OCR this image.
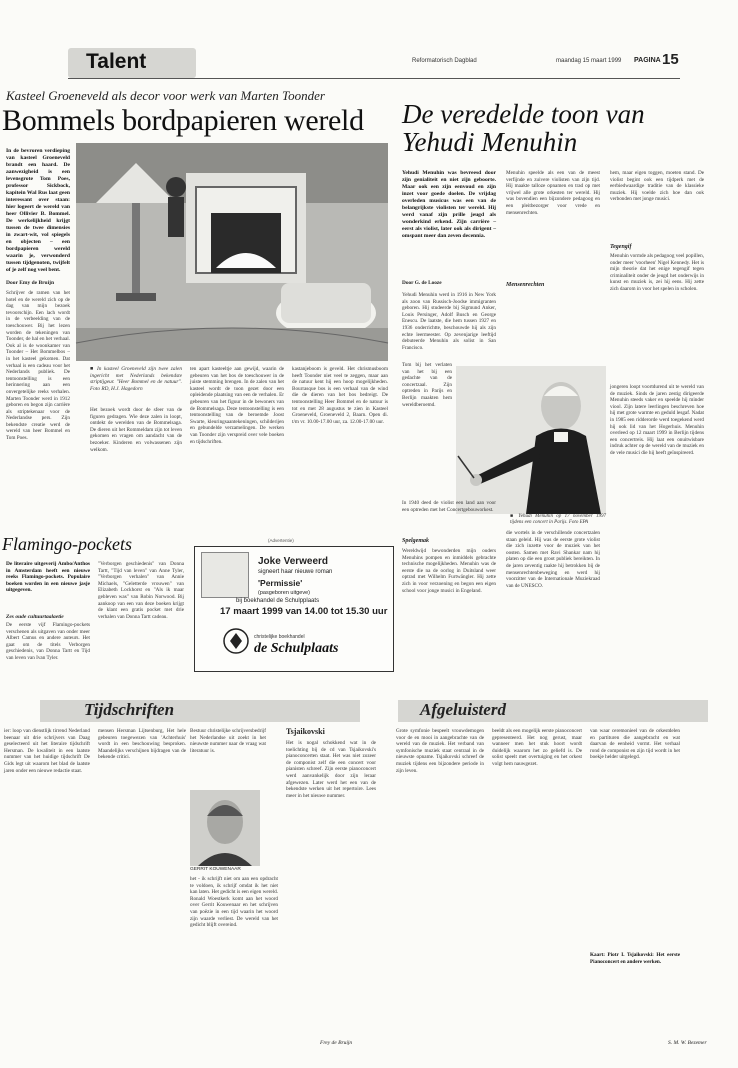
Talent	Reformatorisch Dagblad	maandag 15 maart 1999 PAGINA 15
Kasteel Groeneveld als decor voor werk van Marten Toonder
Bommels bordpapieren wereld
In de bevroren verdieping van kasteel Groeneveld brandt een haard. De aanwezigheid is een levensgrote Tom Poes, professor Sickbock, kapitein Wal Rus laat geen interessant over staan: hier logeert de wereld van heer Ollivier B. Bommel. De werkelijkheid krijgt tussen de twee dimensies in zwart-wit, vol spiegels en objecten – een bordpapieren wereld waarin je, verwonderd tussen tijdgenoten, twijfelt of je zelf nog veel bent.
Door Emy de Bruijn
Schrijver de ramen van het hotel en de wereld zich op de dag van mijn bezoek tevoorschijn. Een lach wordt in de verbeelding van de toeschouwer. Bij het lezen worden de tekeningen van Toonder, de hal en het verhaal. Ook al is de woonkamer van Toonder – Het Bommelbos – in het kasteel gekomen. Dat verhaal is een cadeau voor het Nederlands publiek. De tentoonstelling is een herinnering aan een onvergetelijke reeks verhalen. Marten Toonder werd in 1912 geboren en begon zijn carrière als striptekenaar voor de Nederlandse pers. Zijn bekendste creatie werd de wereld van heer Bommel en Tom Poes.
■ In kasteel Groeneveld zijn twee zalen ingericht met Nederlands bekendste striptijgeur. "Heer Bommel en de natuur". Foto RD, H.J. Hagedorn
Het bezoek wordt door de sfeer van de figuren gedragen. Wie deze zalen in loopt, ontdekt de werelden van de Bommelsaga. De dieren uit het Rommeldam zijn tot leven gekomen en vragen om aandacht van de bezoeker. Kinderen en volwassenen zijn welkom.
ten apart kasteeltje aan gewijd, waarin de gebeuren van het bos de toeschouwer in de juiste stemming brengen. In de zalen van het kasteel wordt de toon gezet door een opleidende plaatsing van een de verhalen. Er gebeuren van het figuur in de bewoners van de Bommelsaga. Deze tentoonstelling is een tentoonstelling van de beroemde Joost Swarte, kleuringsaantekeningen, schilderijen en gebundelde verzamelingen. De werken van Toonder zijn verspreid over vele boeken en tijdschriften.
kastanjeboom is geveld. Het chrismusboom heeft Toonder niet veel te zeggen, maar aan de natuur kent hij een hoop mogelijkheden. Bourrasque bos is een verhaal van de wind die de dieren van het bos bedreigt. De tentoonstelling Heer Bommel en de natuur is tot en met 28 augustus te zien in Kasteel Groeneveld, Groeneveld 2, Baarn. Open di. t/m vr. 10.00-17.00 uur, za. 12.00-17.00 uur.
De veredelde toon van Yehudi Menuhin
Yehudi Menuhin was bevreesd door zijn genialiteit en niet zijn geboorte. Maar ook een zijn eenvoud en zijn inzet voor goede doelen. De vrijdag overleden musicus was een van de belangrijkste violisten ter wereld. Hij werd vanaf zijn prille jeugd als wonderkind erkend. Zijn carrière – eerst als violist, later ook als dirigent – omspant meer dan zeven decennia.
Door G. de Looze
Yehudi Menuhin werd in 1916 in New York als zoon van Russisch-Joodse immigranten geboren. Hij studeerde bij Sigmund Anker, Louis Persinger, Adolf Busch en George Enescu. De laatste, die hem tussen 1927 en 1936 onderrichtte, beschouwde hij als zijn echte leermeester. Op zevenjarige leeftijd debuteerde Menuhin als solist in San Francisco.
Tom bij het verlaten van het bij een gedachte van de concertzaal. Zijn optreden in Parijs en Berlijn maakten hem wereldberoemd.
Menuhin speelde als een van de meest verfijnde en zuivere violisten van zijn tijd. Hij maakte talloze opnamen en trad op met vrijwel alle grote orkesten ter wereld. Hij was bovendien een bijzondere pedagoog en een pleitbezorger voor vrede en mensenrechten.
hem, maar eigen toggen, moeten stand. De violist begint ook een tijdperk met de eerbiedwaardige traditie van de klassieke muziek. Hij voelde zich hoe dan ook verbonden met jonge musici.
Tegengif
Menuhin vormde als pedagoog veel popillen, onder meer 'voorheen' Nigel Kennedy. Het is mijn theorie dat het enige tegengif tegen criminaliteit onder de jeugd het onderwijs in kunst en muziek is, zei hij eens. Hij zette zich daarom in voor het spelen in scholen.
■ Yehudi Menuhin op 17 november 1997 tijdens een concert in Parijs. Foto EPA
Mensenrechten
In 1940 deed de violist een land aan voor een optreden met het Concertgebouworkest.
Spelgemak
Wereldwijd bewonderden mijn ouders Menuhins pompen en inmiddels gebrachte technische mogelijkheden. Menuhin was de eerste die na de oorlog in Duitsland weer optrad met Wilhelm Furtwängler. Hij zette zich in voor verzoening en begon een eigen school voor jonge musici in Engeland.
die wortels in de verschillende concertzalen staan geleid. Hij was de eerste grote violist die zich inzette voor de muziek van het oosten. Samen met Ravi Shankar nam hij platen op die een groot publiek bereikten. In de jaren zeventig raakte hij betrokken bij de mensenrechtenbeweging en werd hij voorzitter van de Internationale Muziekraad van de UNESCO.
jongeren loopt voortdurend uit te wereld van de muziek. Sinds de jaren zestig dirigeerde Menuhin steeds vaker en speelde hij minder viool. Zijn latere leerlingen beschreven hoe hij met grote warmte en geduld lesgaf. Nadat in 1985 een ridderorde werd toegekend werd hij ook lid van het Hogerhuis. Menuhin overleed op 12 maart 1999 in Berlijn tijdens een concertreis. Hij laat een onuitwisbare indruk achter op de wereld van de muziek en de vele musici die hij heeft geïnspireerd.
Flamingo-pockets
De literaire uitgeverij Ambo/Anthos in Amsterdam heeft een nieuwe reeks Flamingo-pockets. Populaire boeken worden in een nieuwe jasje uitgegeven.
Zes oude cultuurtaalaetie
De eerste vijf Flamingo-pockets verschenen als uitgaven van onder meer Albert Camus en andere auteurs. Het gaat om de titels Verborgen geschiedenis, van Donna Tartt en Tijd van leven van Ivan Tyler.
"Verborgen geschiedenis" van Donna Tartt, "Tijd van leven" van Anne Tyler, "Verborgen verhalen" van Annie Michaels, "Geletterde vrouwen" van Elizabeth Lockhorst en "Als ik maar gebleven was" van Robin Norwood. Bij aankoop van een van deze boeken krijgt de klant een gratis pocket met drie verhalen van Donna Tartt cadeau.
(Advertentie)
Joke Verweerd
signeert haar nieuwe roman
'Permissie'
(pasgeboren uitgeve)
bij boekhandel de Schulpplaats
17 maart 1999 van 14.00 tot 15.30 uur
christelijke boekhandel
de Schulplaats
Tijdschriften	Afgeluisterd
ier: loop van dienstlijk tirrend Nederland beenaar uit drie schrijvers van Daag geselecteerd uit het literaire tijdschrift Hersman. De kwaliteit in een laatste nummer van het huidige tijdschrift De Gids legt uit waarom het blad de laatste jaren onder een nieuwe redactie staat.
mensen Hersman Lijtsenburg, Het hele gebeuren toegewezen van 'Achterhuis' wordt in een beschouwing besproken. Maandelijks verschijnen bijdragen van de bekende critici.
Bestuur christelijke schrijversbedrijf het Nederlandse uit zoekt in het nieuwste nummer naar de vraag wat literatuur is.
GERRIT KOUWENAAR
het - ik schrijft niet om aan een opdracht te voldoen, ik schrijf omdat ik het niet kan laten. Het gedicht is een eigen wereld. Ronald Woestkerk komt aan het woord over Gerrit Kouwenaar en het schrijven van poëzie in een tijd waarin het woord zijn waarde verliest. De wereld van het gedicht blijft overeind.
Tsjaikovski
Het is nogal schokkend wat in de toelichting bij de cd van Tsjaikovski's pianoconcerten staat. Het was niet zozeer de componist zelf die een concert voor pianisten schreef. Zijn eerste pianoconcert werd aanvankelijk door zijn leraar afgewezen. Later werd het een van de bekendste werken uit het repertoire. Lees meer in het nieuwe nummer.
Frey de Bruijn
Grote symfonie bespeelt vrouwdemogen voor de en mooi in aangebrachte van de wereld van de muziek. Het verband van symfonische muziek staat centraal in de nieuwste opname. Tsjaikovski schreef de muziek tijdens een bijzondere periode in zijn leven.
beeldt als een mogelijk eerste pianoconcert gepresenteerd. Het nog gerust, maar wanneer men het stuk hoort wordt duidelijk waarom het zo geliefd is. De solist speelt met overtuiging en het orkest volgt hem nauwgezet.
van waar ceremonieel van de orkestdelen en partituren die aangebracht en wat daarvan de eenheid vormt. Het verhaal rond de componist en zijn tijd wordt in het boekje helder uitgelegd.
Kaart: Piotr I. Tsjaikovski: Het eerste Pianoconcert en andere werken.
S. M. W. Bezemer
